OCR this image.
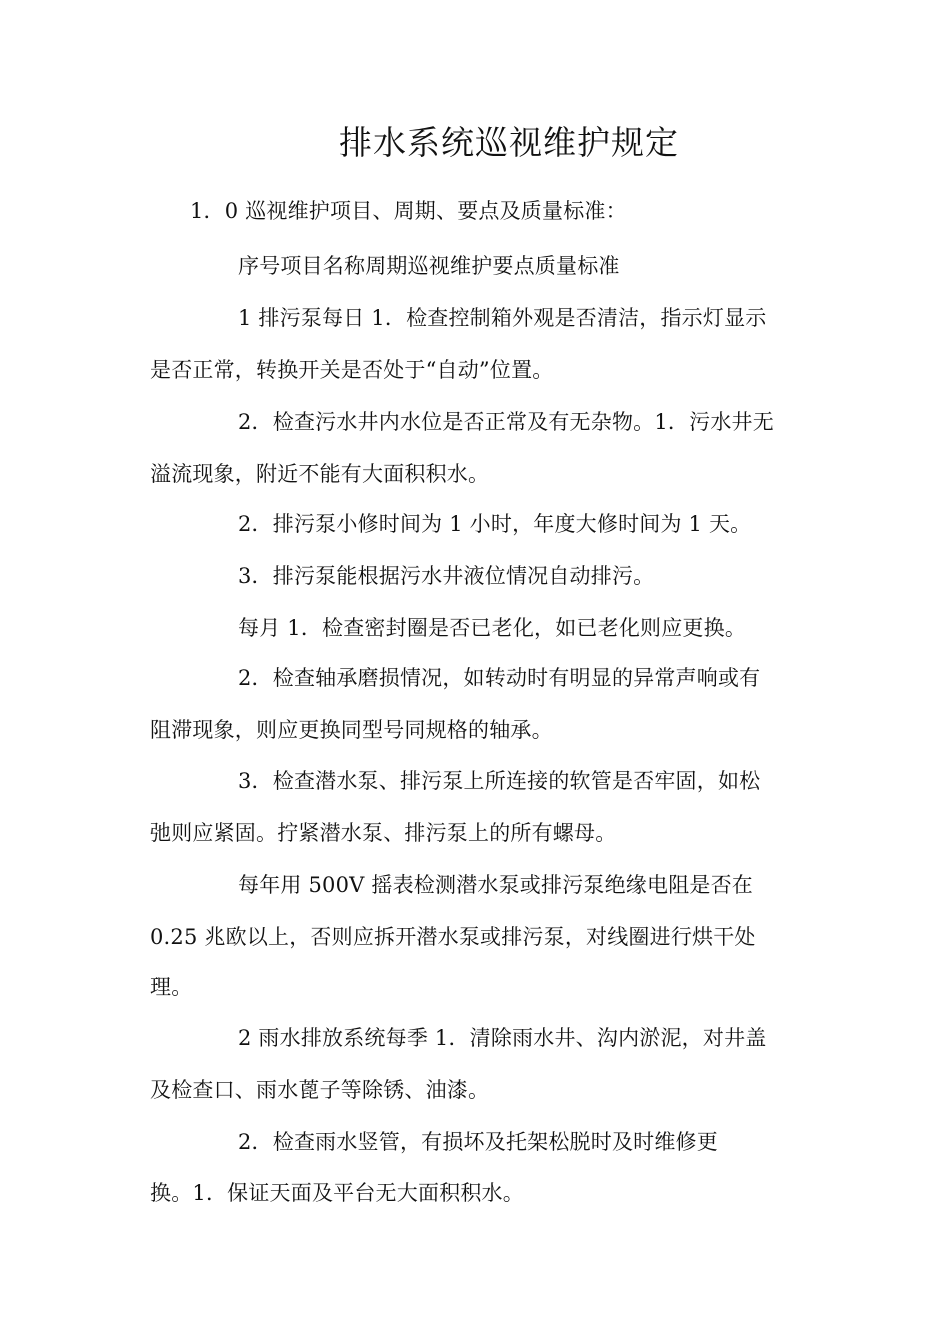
排水系统巡视维护规定
1．0 巡视维护项目、周期、要点及质量标准：
序号项目名称周期巡视维护要点质量标准
1 排污泵每日 1．检查控制箱外观是否清洁，指示灯显示
是否正常，转换开关是否处于“自动”位置。
2．检查污水井内水位是否正常及有无杂物。1．污水井无
溢流现象，附近不能有大面积积水。
2．排污泵小修时间为 1 小时，年度大修时间为 1 天。
3．排污泵能根据污水井液位情况自动排污。
每月 1．检查密封圈是否已老化，如已老化则应更换。
2．检查轴承磨损情况，如转动时有明显的异常声响或有
阻滞现象，则应更换同型号同规格的轴承。
3．检查潜水泵、排污泵上所连接的软管是否牢固，如松
弛则应紧固。拧紧潜水泵、排污泵上的所有螺母。
每年用 500V 摇表检测潜水泵或排污泵绝缘电阻是否在
0.25 兆欧以上，否则应拆开潜水泵或排污泵，对线圈进行烘干处
理。
2 雨水排放系统每季 1．清除雨水井、沟内淤泥，对井盖
及检查口、雨水蓖子等除锈、油漆。
2．检查雨水竖管，有损坏及托架松脱时及时维修更
换。1．保证天面及平台无大面积积水。
